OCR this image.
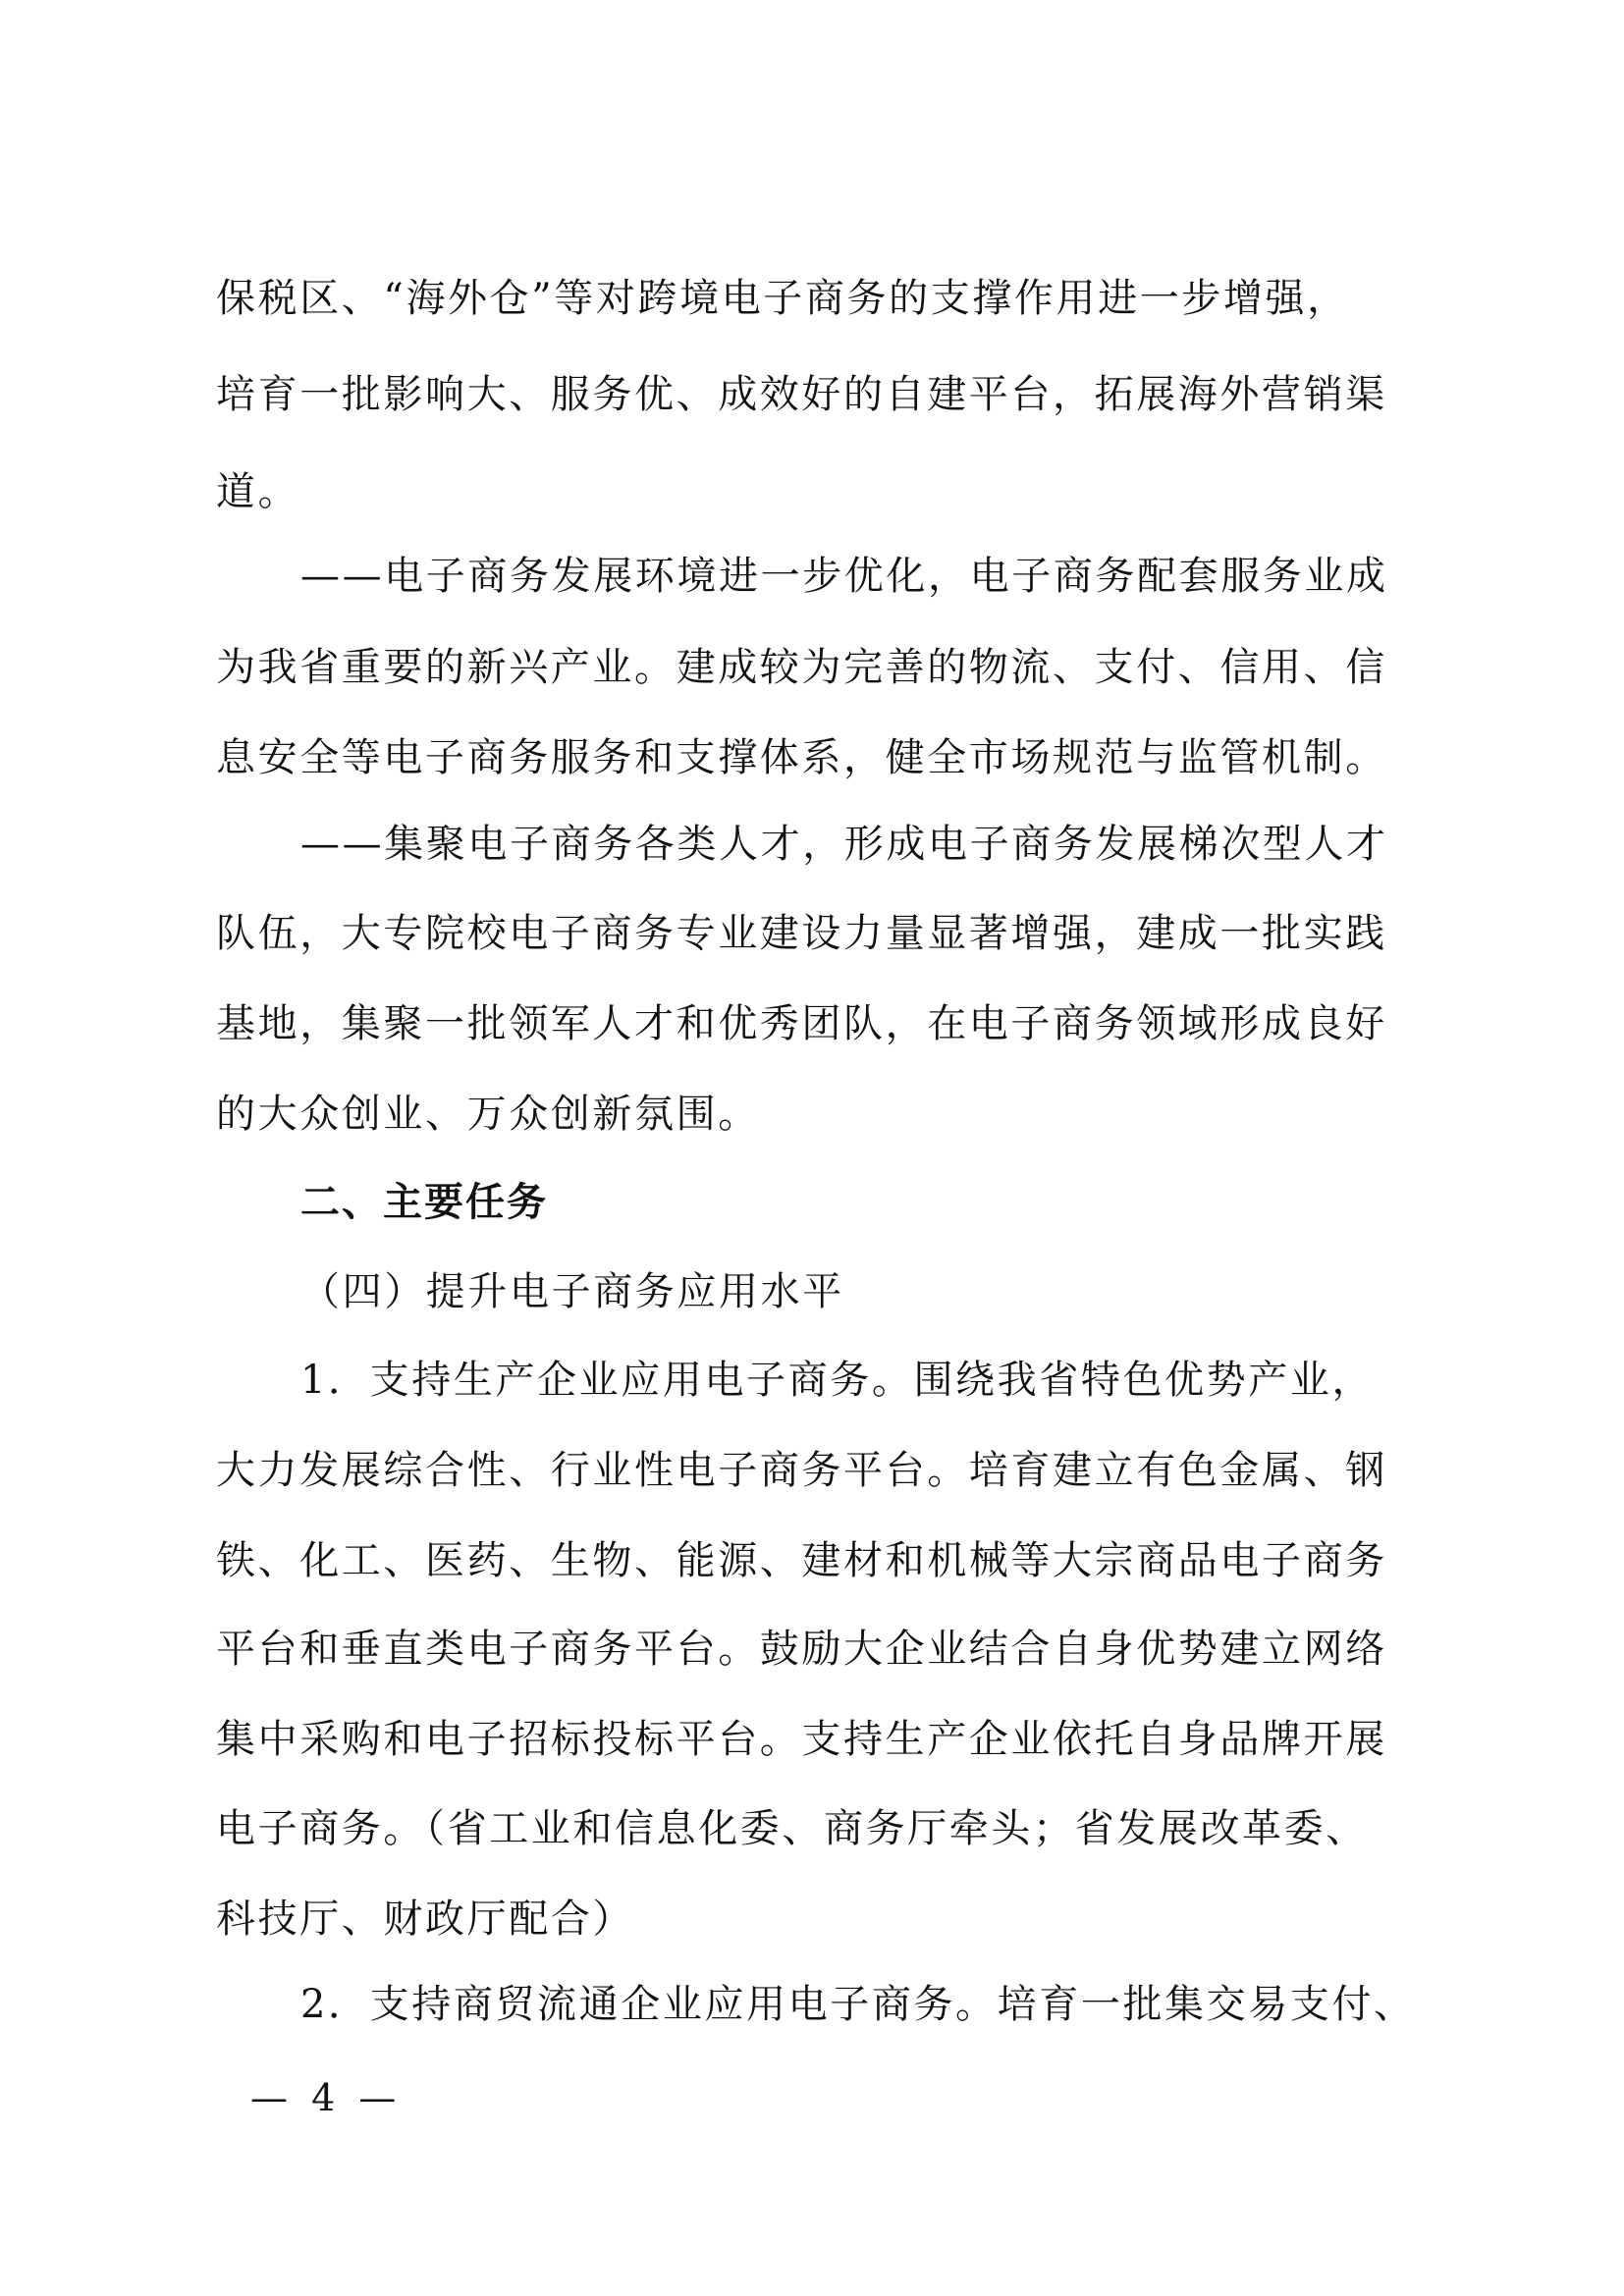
保税区、“海外仓”等对跨境电子商务的支撑作用进一步增强，
培育一批影响大、服务优、成效好的自建平台，拓展海外营销渠
道。
——电子商务发展环境进一步优化，电子商务配套服务业成
为我省重要的新兴产业。建成较为完善的物流、支付、信用、信
息安全等电子商务服务和支撑体系，健全市场规范与监管机制。
——集聚电子商务各类人才，形成电子商务发展梯次型人才
队伍，大专院校电子商务专业建设力量显著增强，建成一批实践
基地，集聚一批领军人才和优秀团队，在电子商务领域形成良好
的大众创业、万众创新氛围。
二、主要任务
（四）提升电子商务应用水平
1．支持生产企业应用电子商务。围绕我省特色优势产业，
大力发展综合性、行业性电子商务平台。培育建立有色金属、钢
铁、化工、医药、生物、能源、建材和机械等大宗商品电子商务
平台和垂直类电子商务平台。鼓励大企业结合自身优势建立网络
集中采购和电子招标投标平台。支持生产企业依托自身品牌开展
电子商务。（省工业和信息化委、商务厅牵头；省发展改革委、
科技厅、财政厅配合）
2．支持商贸流通企业应用电子商务。培育一批集交易支付、
— 4 —
